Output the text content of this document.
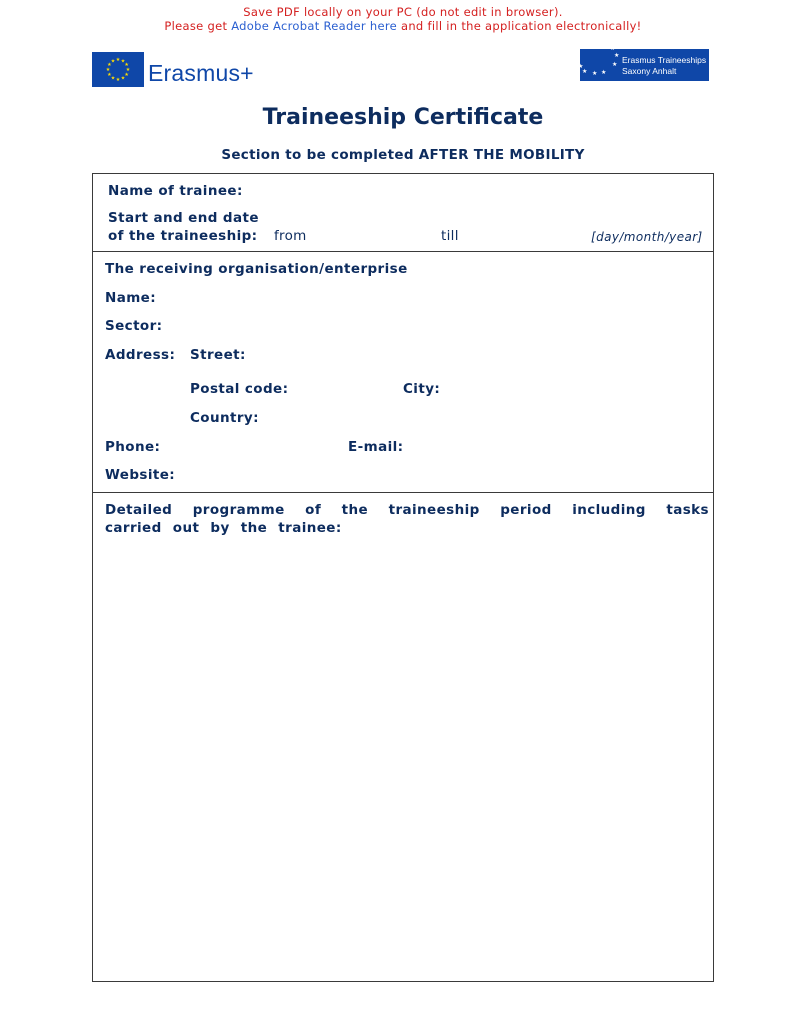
Save PDF locally on your PC (do not edit in browser).
Please get Adobe Acrobat Reader here and fill in the application electronically!
★ ★
★
★
★
★
★
★
★
★
★
★ Erasmus+
★
★
★
★
★
★
★
★
Erasmus Traineeships
Saxony Anhalt
Traineeship Certificate
Section to be completed AFTER THE MOBILITY
Name of trainee:
Start and end date
of the traineeship: from	till	[day/month/year]
The receiving organisation/enterprise
Name:
Sector:
Address: Street:
Postal code:	City:
Country:
Phone:	E-mail:
Website:
Detailed programme of the traineeship period including tasks carried out by the trainee:
